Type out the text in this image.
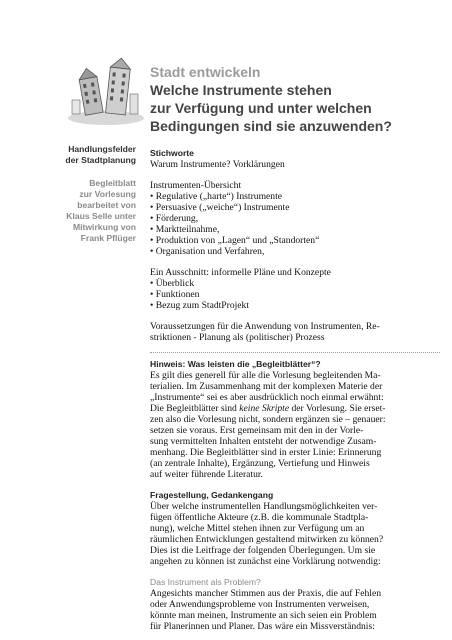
Stadt entwickeln

Welche Instrumente stehen

zur Verfügung und unter welchen

Bedingungen sind sie anzuwenden?

Handlungsfelder
der Stadtplanung
Begleitblatt
zur Vorlesung
bearbeitet von
Klaus Selle unter
Mitwirkung von
Frank Pflüger
Stichworte

Warum Instrumente? Vorklärungen

Instrumenten-Übersicht

• Regulative („harte“) Instrumente

• Persuasive („weiche“) Instrumente

• Förderung,

• Marktteilnahme,

• Produktion von „Lagen“ und „Standorten“

• Organisation und Verfahren,

Ein Ausschnitt: informelle Pläne und Konzepte

• Überblick

• Funktionen

• Bezug zum StadtProjekt

Voraussetzungen für die Anwendung von Instrumenten, Re-

striktionen - Planung als (politischer) Prozess

Hinweis: Was leisten die „Begleitblätter“?

Es gilt dies generell für alle die Vorlesung begleitenden Ma-

terialien. Im Zusammenhang mit der komplexen Materie der

„Instrumente“ sei es aber ausdrücklich noch einmal erwähnt:

Die Begleitblätter sind keine Skripte der Vorlesung. Sie erset-

zen also die Vorlesung nicht, sondern ergänzen sie – genauer:

setzen sie voraus. Erst gemeinsam mit den in der Vorle-

sung vermittelten Inhalten entsteht der notwendige Zusam-

menhang. Die Begleitblätter sind in erster Linie: Erinnerung

(an zentrale Inhalte), Ergänzung, Vertiefung und Hinweis

auf weiter führende Literatur.

Fragestellung, Gedankengang

Über welche instrumentellen Handlungsmöglichkeiten ver-

fügen öffentliche Akteure (z.B. die kommunale Stadtpla-

nung), welche Mittel stehen ihnen zur Verfügung um an

räumlichen Entwicklungen gestaltend mitwirken zu können?

Dies ist die Leitfrage der folgenden Überlegungen. Um sie

angehen zu können ist zunächst eine Vorklärung notwendig:

Das Instrument als Problem?

Angesichts mancher Stimmen aus der Praxis, die auf Fehlen

oder Anwendungsprobleme von Instrumenten verweisen,

könnte man meinen, Instrumente an sich seien ein Problem

für Planerinnen und Planer. Das wäre ein Missverständnis:
